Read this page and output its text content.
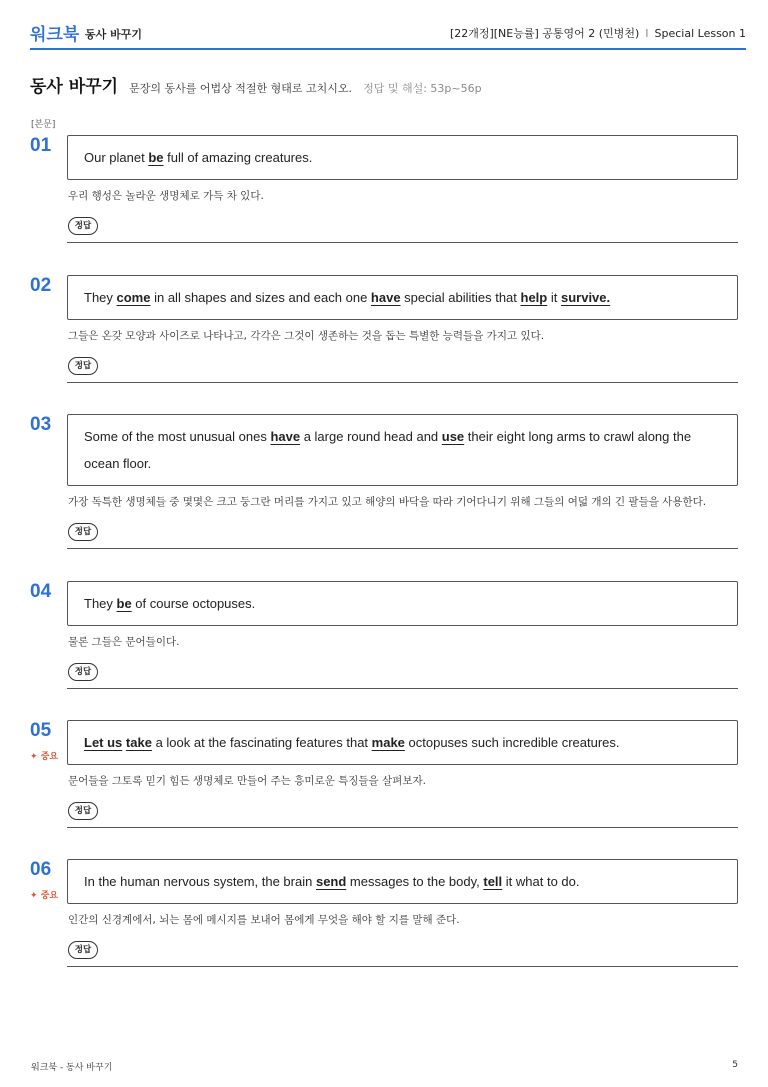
워크북 동사 바꾸기	[22개정][NE능률] 공통영어 2 (민병천) I Special Lesson 1
동사 바꾸기 문장의 동사를 어법상 적절한 형태로 고치시오. 정답 및 해설: 53p~56p
[본문]
01
Our planet be full of amazing creatures.
우리 행성은 놀라운 생명체로 가득 차 있다.
정답
02
They come in all shapes and sizes and each one have special abilities that help it survive.
그들은 온갖 모양과 사이즈로 나타나고, 각각은 그것이 생존하는 것을 돕는 특별한 능력들을 가지고 있다.
정답
03
Some of the most unusual ones have a large round head and use their eight long arms to crawl along the ocean floor.
가장 독특한 생명체들 중 몇몇은 크고 둥그란 머리를 가지고 있고 해양의 바닥을 따라 기어다니기 위해 그들의 여덟 개의 긴 팔들을 사용한다.
정답
04
They be of course octopuses.
물론 그들은 문어들이다.
정답
05
✦ 중요
Let us take a look at the fascinating features that make octopuses such incredible creatures.
문어들을 그토록 믿기 힘든 생명체로 만들어 주는 흥미로운 특징들을 살펴보자.
정답
06
✦ 중요
In the human nervous system, the brain send messages to the body, tell it what to do.
인간의 신경계에서, 뇌는 몸에 메시지를 보내어 몸에게 무엇을 해야 할 지를 말해 준다.
정답
워크북 - 동사 바꾸기	5
